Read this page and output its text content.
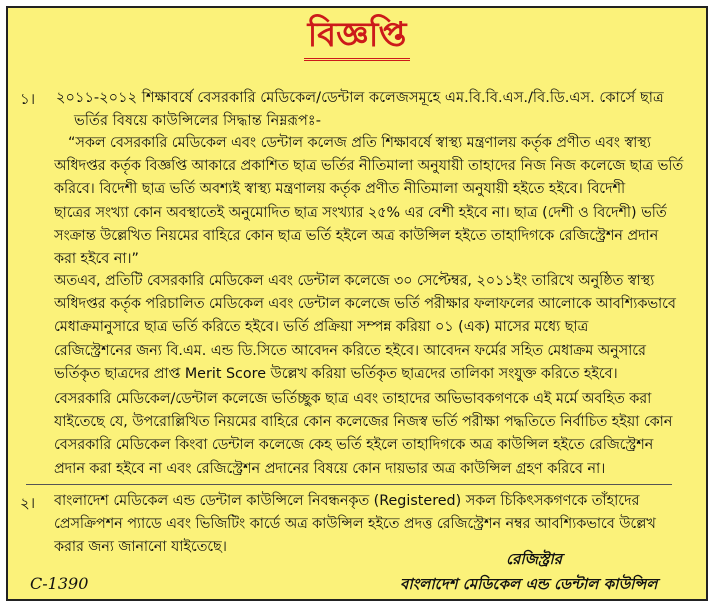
বিজ্ঞপ্তি
১। ২০১১-২০১২ শিক্ষাবর্ষে বেসরকারি মেডিকেল/ডেন্টাল কলেজসমূহে এম.বি.বি.এস./বি.ডি.এস. কোর্সে ছাত্র
ভর্তির বিষয়ে কাউন্সিলের সিদ্ধান্ত নিম্নরূপঃ-
“সকল বেসরকারি মেডিকেল এবং ডেন্টাল কলেজ প্রতি শিক্ষাবর্ষে স্বাস্থ্য মন্ত্রণালয় কর্তৃক প্রণীত এবং স্বাস্থ্য
অধিদপ্তর কর্তৃক বিজ্ঞপ্তি আকারে প্রকাশিত ছাত্র ভর্তির নীতিমালা অনুযায়ী তাহাদের নিজ নিজ কলেজে ছাত্র ভর্তি
করিবে। বিদেশী ছাত্র ভর্তি অবশ্যই স্বাস্থ্য মন্ত্রণালয় কর্তৃক প্রণীত নীতিমালা অনুযায়ী হইতে হইবে। বিদেশী
ছাত্রের সংখ্যা কোন অবস্থাতেই অনুমোদিত ছাত্র সংখ্যার ২৫% এর বেশী হইবে না। ছাত্র (দেশী ও বিদেশী) ভর্তি
সংক্রান্ত উল্লেখিত নিয়মের বাহিরে কোন ছাত্র ভর্তি হইলে অত্র কাউন্সিল হইতে তাহাদিগকে রেজিস্ট্রেশন প্রদান
করা হইবে না।”
অতএব, প্রতিটি বেসরকারি মেডিকেল এবং ডেন্টাল কলেজে ৩০ সেপ্টেম্বর, ২০১১ইং তারিখে অনুষ্ঠিত স্বাস্থ্য
অধিদপ্তর কর্তৃক পরিচালিত মেডিকেল এবং ডেন্টাল কলেজে ভর্তি পরীক্ষার ফলাফলের আলোকে আবশ্যিকভাবে
মেধাক্রমানুসারে ছাত্র ভর্তি করিতে হইবে। ভর্তি প্রক্রিয়া সম্পন্ন করিয়া ০১ (এক) মাসের মধ্যে ছাত্র
রেজিস্ট্রেশনের জন্য বি.এম. এন্ড ডি.সিতে আবেদন করিতে হইবে। আবেদন ফর্মের সহিত মেধাক্রম অনুসারে
ভর্তিকৃত ছাত্রদের প্রাপ্ত Merit Score উল্লেখ করিয়া ভর্তিকৃত ছাত্রদের তালিকা সংযুক্ত করিতে হইবে।
বেসরকারি মেডিকেল/ডেন্টাল কলেজে ভর্তিচ্ছুক ছাত্র এবং তাহাদের অভিভাবকগণকে এই মর্মে অবহিত করা
যাইতেছে যে, উপরোল্লিখিত নিয়মের বাহিরে কোন কলেজের নিজস্ব ভর্তি পরীক্ষা পদ্ধতিতে নির্বাচিত হইয়া কোন
বেসরকারি মেডিকেল কিংবা ডেন্টাল কলেজে কেহ ভর্তি হইলে তাহাদিগকে অত্র কাউন্সিল হইতে রেজিস্ট্রেশন
প্রদান করা হইবে না এবং রেজিস্ট্রেশন প্রদানের বিষয়ে কোন দায়ভার অত্র কাউন্সিল গ্রহণ করিবে না।
২। বাংলাদেশ মেডিকেল এন্ড ডেন্টাল কাউন্সিলে নিবন্ধনকৃত (Registered) সকল চিকিৎসকগণকে তাঁহাদের
প্রেসক্রিপশন প্যাডে এবং ভিজিটিং কার্ডে অত্র কাউন্সিল হইতে প্রদত্ত রেজিস্ট্রেশন নম্বর আবশ্যিকভাবে উল্লেখ
করার জন্য জানানো যাইতেছে।
রেজিস্ট্রার
বাংলাদেশ মেডিকেল এন্ড ডেন্টাল কাউন্সিল
C-1390
